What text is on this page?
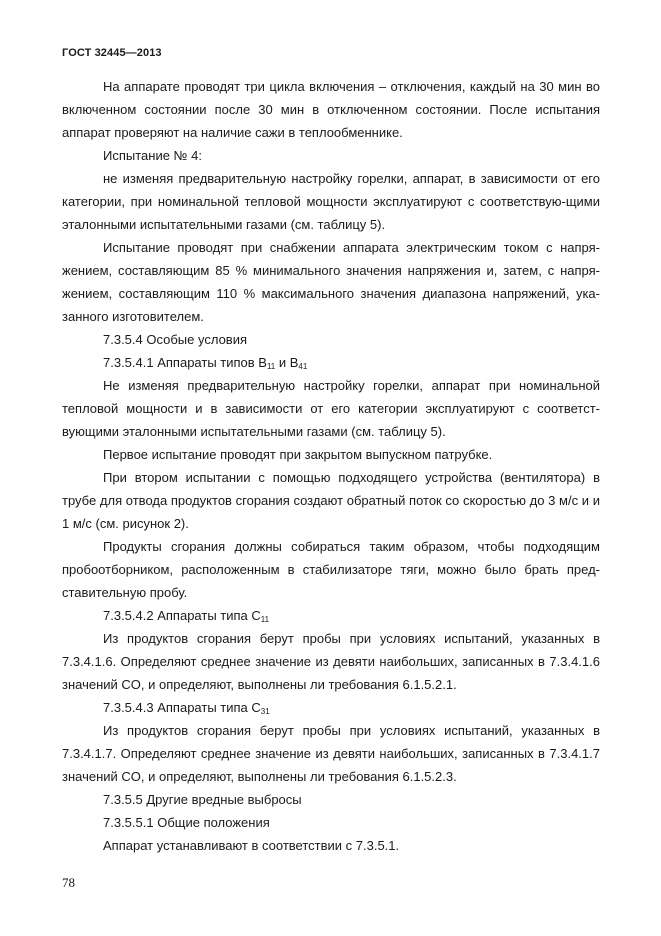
ГОСТ 32445—2013

На аппарате проводят три цикла включения – отключения, каждый на 30 мин во включенном состоянии после 30 мин в отключенном состоянии. После испытания аппарат проверяют на наличие сажи в теплообменнике.

Испытание № 4:

не изменяя предварительную настройку горелки, аппарат, в зависимости от его категории, при номинальной тепловой мощности эксплуатируют с соответствую-щими эталонными испытательными газами (см. таблицу 5).

Испытание проводят при снабжении аппарата электрическим током с напря-жением, составляющим 85 % минимального значения напряжения и, затем, с напря-жением, составляющим 110 % максимального значения диапазона напряжений, ука-занного изготовителем.

7.3.5.4 Особые условия

7.3.5.4.1 Аппараты типов $B_{11}$ и $B_{41}$

Не изменяя предварительную настройку горелки, аппарат при номинальной тепловой мощности и в зависимости от его категории эксплуатируют с соответст-вующими эталонными испытательными газами (см. таблицу 5).

Первое испытание проводят при закрытом выпускном патрубке.

При втором испытании с помощью подходящего устройства (вентилятора) в трубе для отвода продуктов сгорания создают обратный поток со скоростью до 3 м/с и и 1 м/с (см. рисунок 2).

Продукты сгорания должны собираться таким образом, чтобы подходящим пробоотборником, расположенным в стабилизаторе тяги, можно было брать пред-ставительную пробу.

7.3.5.4.2 Аппараты типа $C_{11}$

Из продуктов сгорания берут пробы при условиях испытаний, указанных в 7.3.4.1.6. Определяют среднее значение из девяти наибольших, записанных в 7.3.4.1.6 значений CO, и определяют, выполнены ли требования 6.1.5.2.1.

7.3.5.4.3 Аппараты типа $C_{31}$

Из продуктов сгорания берут пробы при условиях испытаний, указанных в 7.3.4.1.7. Определяют среднее значение из девяти наибольших, записанных в 7.3.4.1.7 значений CO, и определяют, выполнены ли требования 6.1.5.2.3.

7.3.5.5 Другие вредные выбросы

7.3.5.5.1 Общие положения

Аппарат устанавливают в соответствии с 7.3.5.1.

78
